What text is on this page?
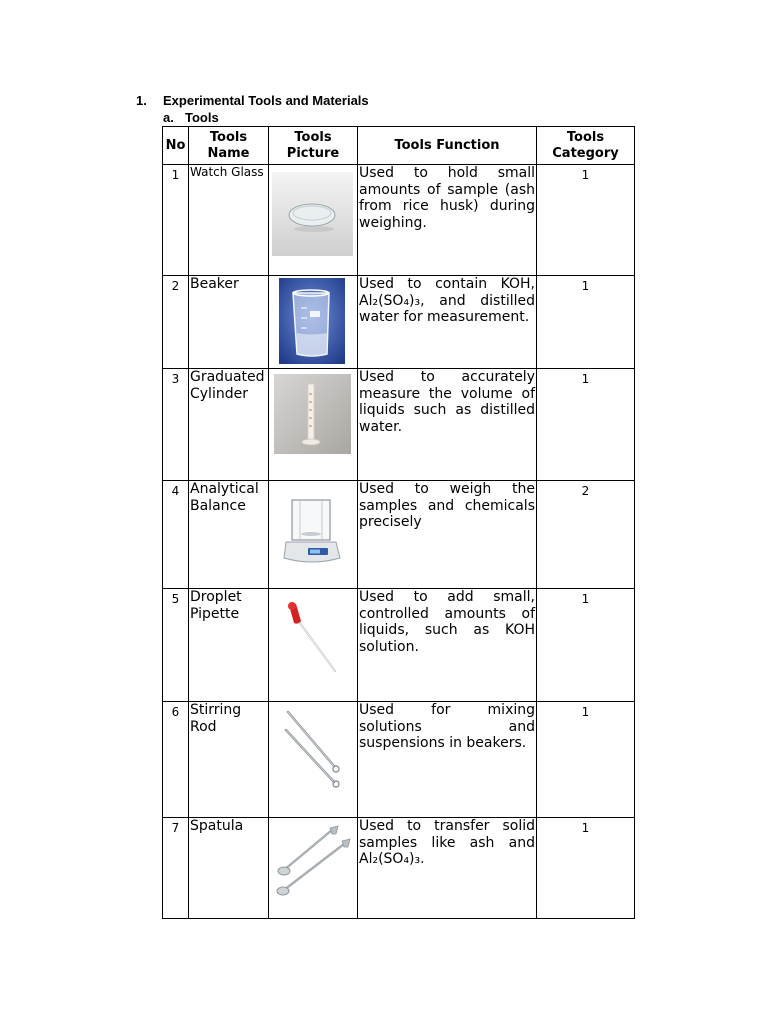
1. Experimental Tools and Materials
a. Tools
No	Tools Name	Tools Picture	Tools Function	Tools Category
1	Watch Glass		Used to hold small amounts of sample (ash from rice husk) during weighing.	1
2	Beaker		Used to contain KOH, Al₂(SO₄)₃, and distilled water for measurement.	1
3	Graduated Cylinder		Used to accurately measure the volume of liquids such as distilled water.	1
4	Analytical Balance		Used to weigh the samples and chemicals precisely	2
5	Droplet Pipette		Used to add small, controlled amounts of liquids, such as KOH solution.	1
6	Stirring Rod		Used for mixing solutions and suspensions in beakers.	1
7	Spatula		Used to transfer solid samples like ash and Al₂(SO₄)₃.	1
